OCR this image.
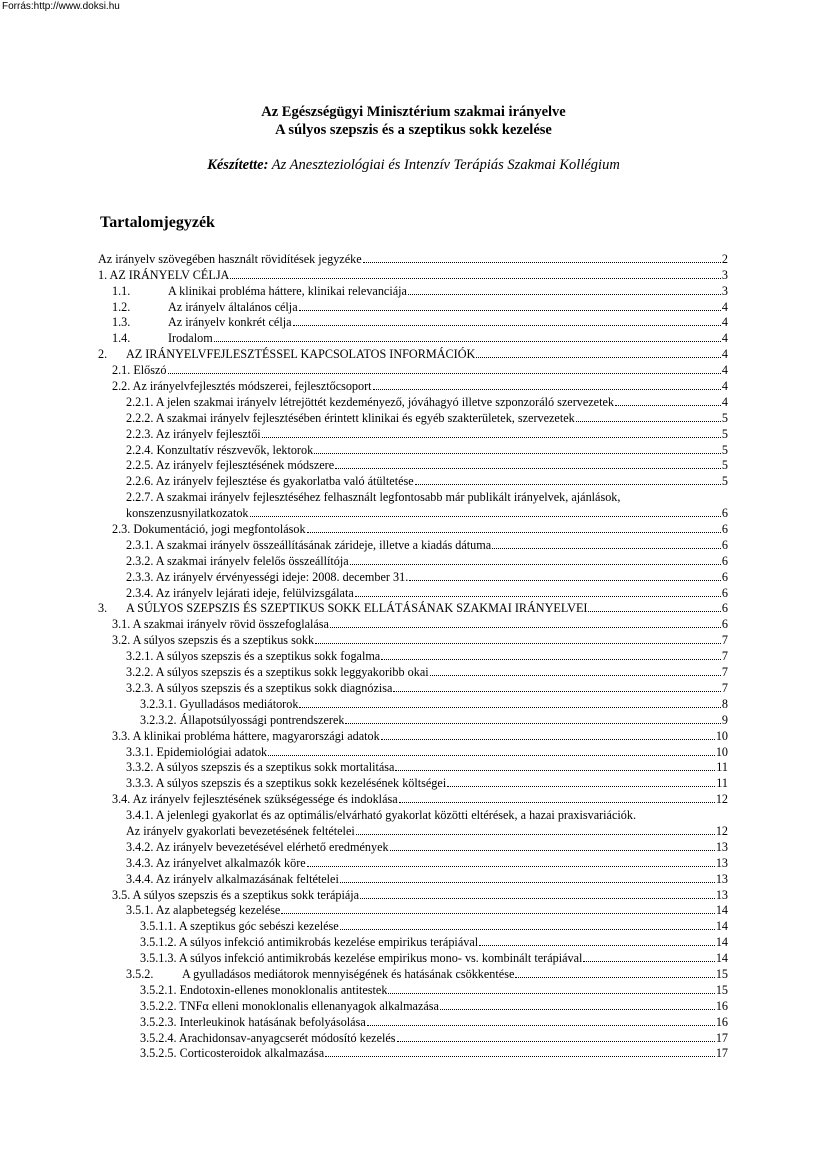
Forrás:http://www.doksi.hu
Az Egészségügyi Minisztérium szakmai irányelve
A súlyos szepszis és a szeptikus sokk kezelése
Készítette: Az Aneszteziológiai és Intenzív Terápiás Szakmai Kollégium
Tartalomjegyzék
Az irányelv szövegében használt rövidítések jegyzéke	2
1. AZ IRÁNYELV CÉLJA	3
1.1.	A klinikai probléma háttere, klinikai relevanciája	3
1.2.	Az irányelv általános célja	4
1.3.	Az irányelv konkrét célja	4
1.4.	Irodalom	4
2. AZ IRÁNYELVFEJLESZTÉSSEL KAPCSOLATOS INFORMÁCIÓK	4
2.1. Előszó	4
2.2. Az irányelvfejlesztés módszerei, fejlesztőcsoport	4
2.2.1. A jelen szakmai irányelv létrejöttét kezdeményező, jóváhagyó illetve szponzoráló szervezetek	4
2.2.2. A szakmai irányelv fejlesztésében érintett klinikai és egyéb szakterületek, szervezetek	5
2.2.3. Az irányelv fejlesztői	5
2.2.4. Konzultatív részvevők, lektorok	5
2.2.5. Az irányelv fejlesztésének módszere	5
2.2.6. Az irányelv fejlesztése és gyakorlatba való átültetése	5
2.2.7. A szakmai irányelv fejlesztéséhez felhasznált legfontosabb már publikált irányelvek, ajánlások,
konszenzusnyilatkozatok	6
2.3. Dokumentáció, jogi megfontolások	6
2.3.1. A szakmai irányelv összeállításának zárideje, illetve a kiadás dátuma	6
2.3.2. A szakmai irányelv felelős összeállítója	6
2.3.3. Az irányelv érvényességi ideje: 2008. december 31.	6
2.3.4. Az irányelv lejárati ideje, felülvizsgálata	6
3. A SÚLYOS SZEPSZIS ÉS SZEPTIKUS SOKK ELLÁTÁSÁNAK SZAKMAI IRÁNYELVEI	6
3.1. A szakmai irányelv rövid összefoglalása	6
3.2. A súlyos szepszis és a szeptikus sokk	7
3.2.1. A súlyos szepszis és a szeptikus sokk fogalma	7
3.2.2. A súlyos szepszis és a szeptikus sokk leggyakoribb okai	7
3.2.3. A súlyos szepszis és a szeptikus sokk diagnózisa	7
3.2.3.1. Gyulladásos mediátorok	8
3.2.3.2. Állapotsúlyossági pontrendszerek	9
3.3. A klinikai probléma háttere, magyarországi adatok	10
3.3.1. Epidemiológiai adatok	10
3.3.2. A súlyos szepszis és a szeptikus sokk mortalitása	11
3.3.3. A súlyos szepszis és a szeptikus sokk kezelésének költségei	11
3.4. Az irányelv fejlesztésének szükségessége és indoklása	12
3.4.1. A jelenlegi gyakorlat és az optimális/elvárható gyakorlat közötti eltérések, a hazai praxisvariációk.
Az irányelv gyakorlati bevezetésének feltételei	12
3.4.2. Az irányelv bevezetésével elérhető eredmények	13
3.4.3. Az irányelvet alkalmazók köre	13
3.4.4. Az irányelv alkalmazásának feltételei	13
3.5. A súlyos szepszis és a szeptikus sokk terápiája	13
3.5.1. Az alapbetegség kezelése	14
3.5.1.1. A szeptikus góc sebészi kezelése	14
3.5.1.2. A súlyos infekció antimikrobás kezelése empirikus terápiával	14
3.5.1.3. A súlyos infekció antimikrobás kezelése empirikus mono- vs. kombinált terápiával	14
3.5.2. A gyulladásos mediátorok mennyiségének és hatásának csökkentése	15
3.5.2.1. Endotoxin-ellenes monoklonalis antitestek	15
3.5.2.2. TNFα elleni monoklonalis ellenanyagok alkalmazása	16
3.5.2.3. Interleukinok hatásának befolyásolása	16
3.5.2.4. Arachidonsav-anyagcserét módosító kezelés	17
3.5.2.5. Corticosteroidok alkalmazása	17
